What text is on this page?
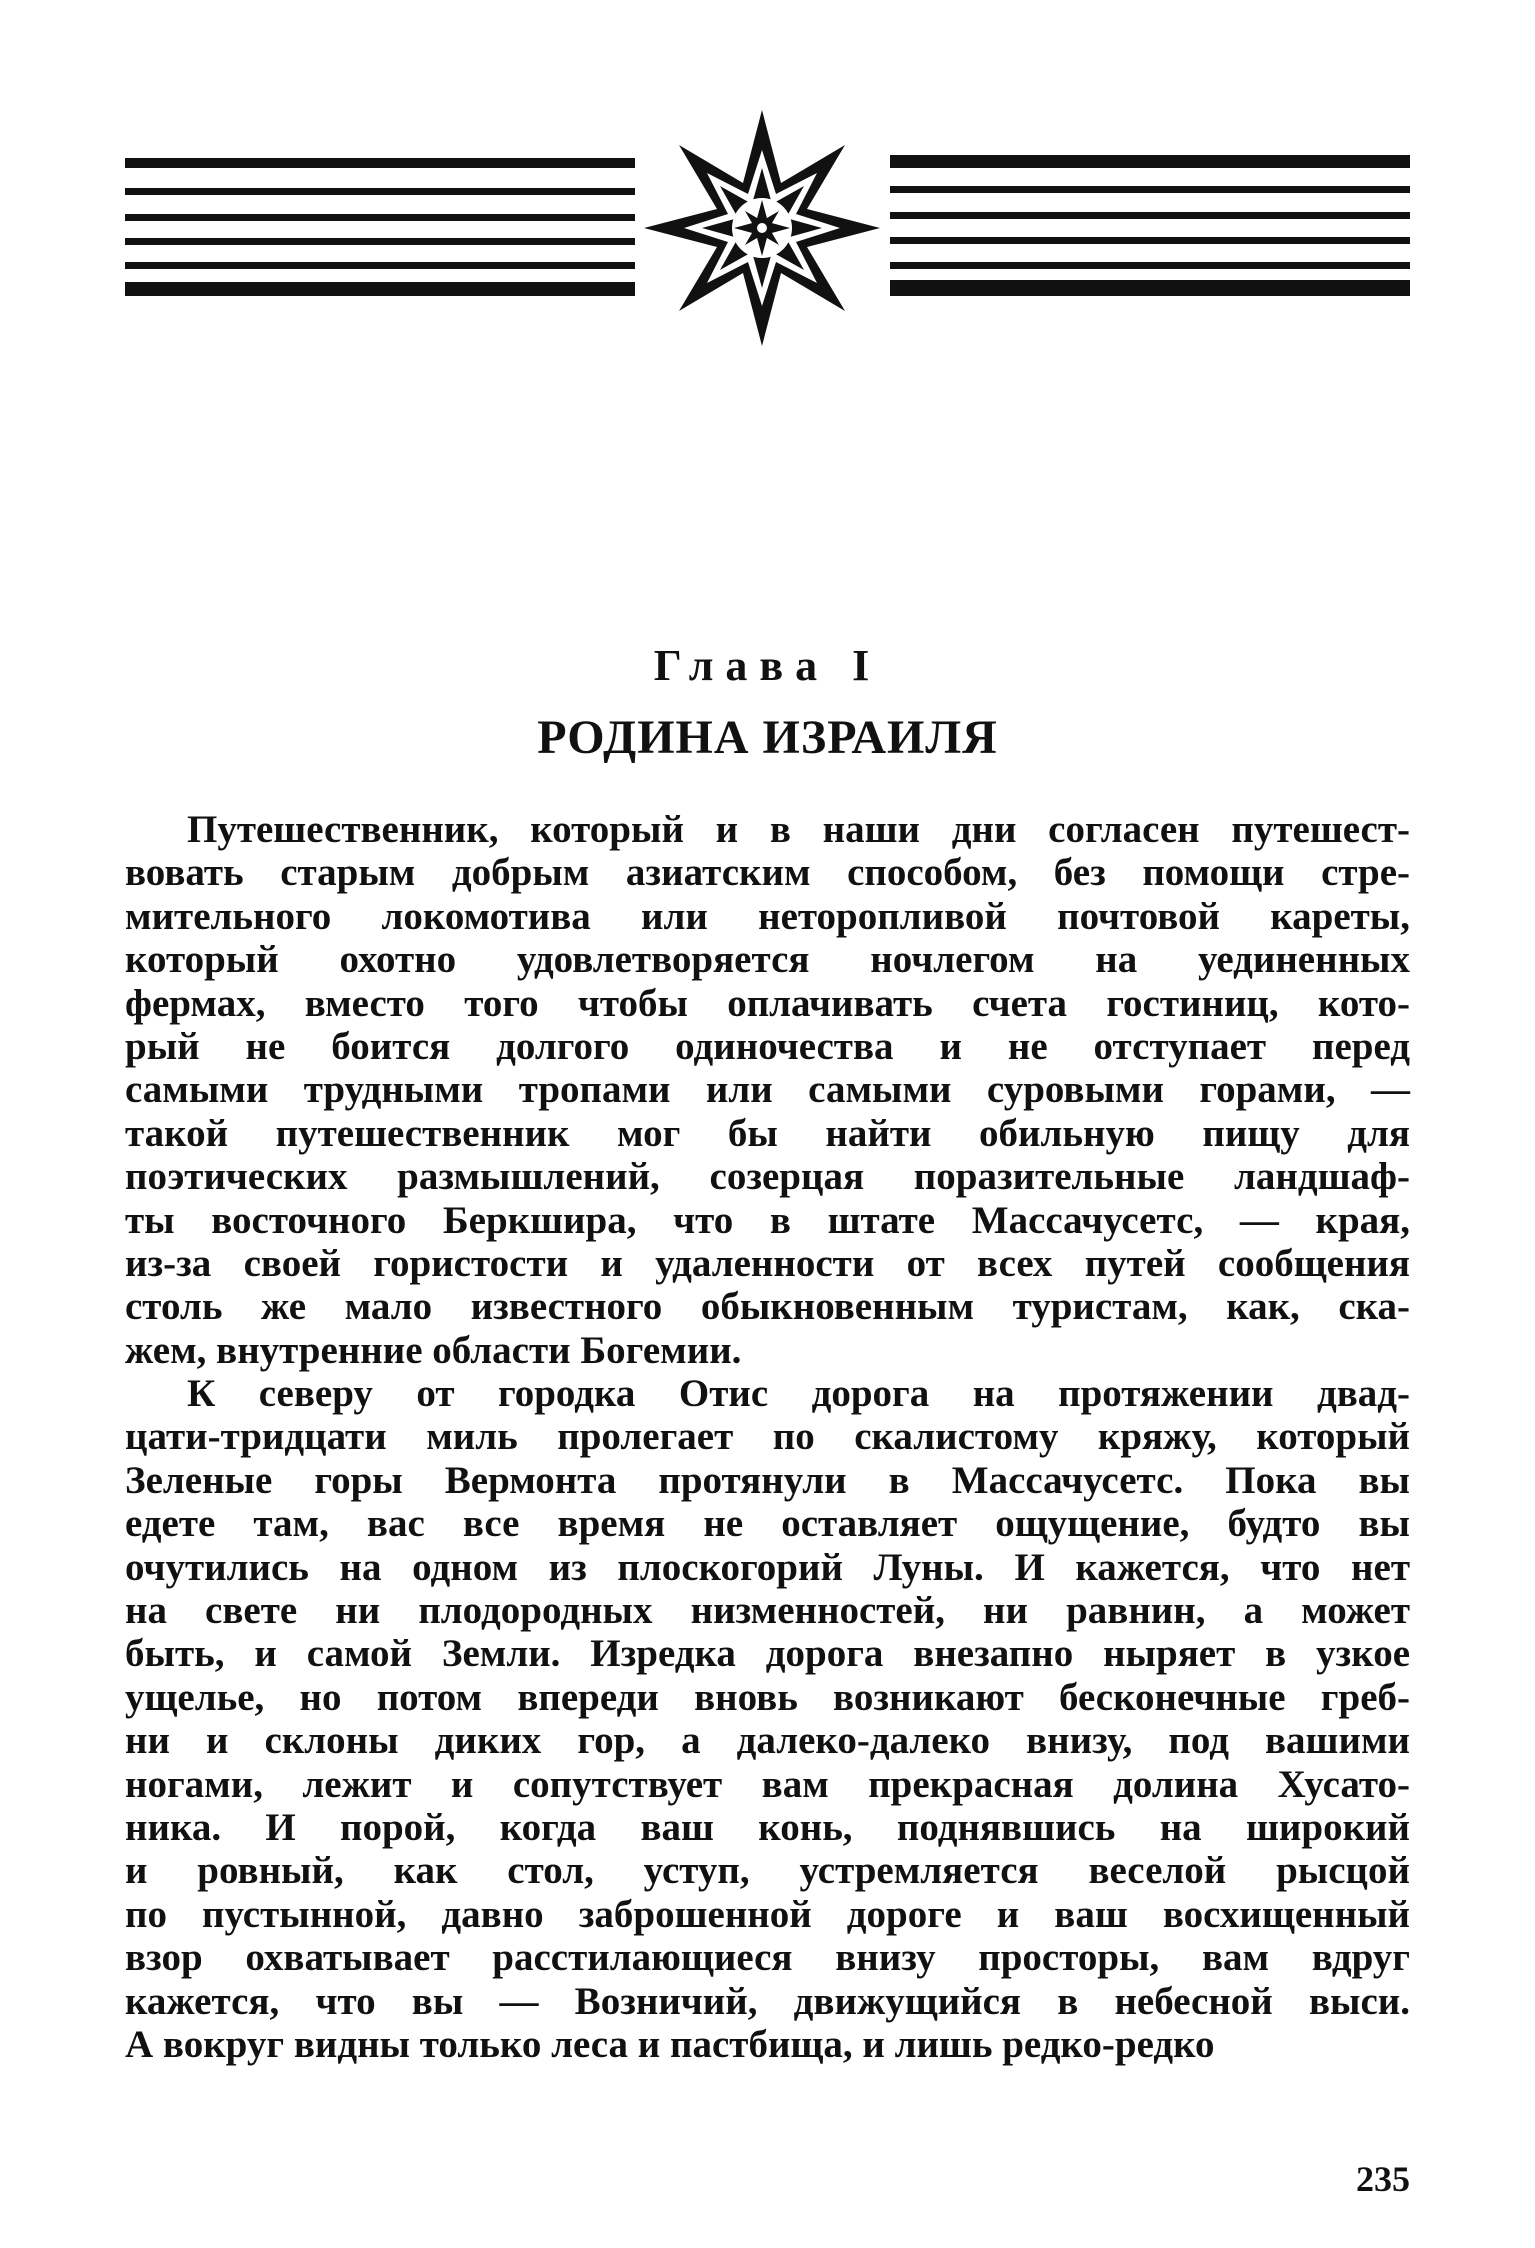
Глава I
РОДИНА ИЗРАИЛЯ
Путешественник, который и в наши дни согласен путешест-
вовать старым добрым азиатским способом, без помощи стре-
мительного локомотива или неторопливой почтовой кареты,
который охотно удовлетворяется ночлегом на уединенных
фермах, вместо того чтобы оплачивать счета гостиниц, кото-
рый не боится долгого одиночества и не отступает перед
самыми трудными тропами или самыми суровыми горами, —
такой путешественник мог бы найти обильную пищу для
поэтических размышлений, созерцая поразительные ландшаф-
ты восточного Беркшира, что в штате Массачусетс, — края,
из-за своей гористости и удаленности от всех путей сообщения
столь же мало известного обыкновенным туристам, как, ска-
жем, внутренние области Богемии.
К северу от городка Отис дорога на протяжении двад-
цати-тридцати миль пролегает по скалистому кряжу, который
Зеленые горы Вермонта протянули в Массачусетс. Пока вы
едете там, вас все время не оставляет ощущение, будто вы
очутились на одном из плоскогорий Луны. И кажется, что нет
на свете ни плодородных низменностей, ни равнин, а может
быть, и самой Земли. Изредка дорога внезапно ныряет в узкое
ущелье, но потом впереди вновь возникают бесконечные греб-
ни и склоны диких гор, а далеко-далеко внизу, под вашими
ногами, лежит и сопутствует вам прекрасная долина Хусато-
ника. И порой, когда ваш конь, поднявшись на широкий
и ровный, как стол, уступ, устремляется веселой рысцой
по пустынной, давно заброшенной дороге и ваш восхищенный
взор охватывает расстилающиеся внизу просторы, вам вдруг
кажется, что вы — Возничий, движущийся в небесной выси.
А вокруг видны только леса и пастбища, и лишь редко-редко
235
